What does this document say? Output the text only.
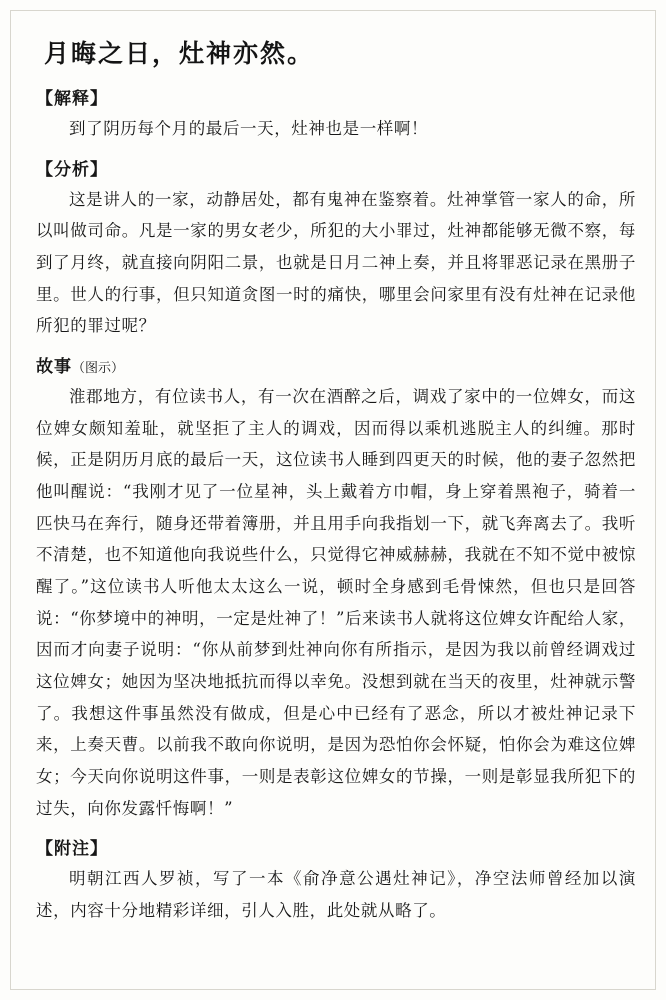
月晦之日，灶神亦然。
【解释】

到了阴历每个月的最后一天，灶神也是一样啊！

【分析】

这是讲人的一家，动静居处，都有鬼神在鉴察着。灶神掌管一家人的命，所以叫做司命。凡是一家的男女老少，所犯的大小罪过，灶神都能够无微不察，每到了月终，就直接向阴阳二景，也就是日月二神上奏，并且将罪恶记录在黑册子里。世人的行事，但只知道贪图一时的痛快，哪里会问家里有没有灶神在记录他所犯的罪过呢？

故事（图示）

淮郡地方，有位读书人，有一次在酒醉之后，调戏了家中的一位婢女，而这位婢女颇知羞耻，就坚拒了主人的调戏，因而得以乘机逃脱主人的纠缠。那时候，正是阴历月底的最后一天，这位读书人睡到四更天的时候，他的妻子忽然把他叫醒说：“我刚才见了一位星神，头上戴着方巾帽，身上穿着黑袍子，骑着一匹快马在奔行，随身还带着簿册，并且用手向我指划一下，就飞奔离去了。我听不清楚，也不知道他向我说些什么，只觉得它神威赫赫，我就在不知不觉中被惊醒了。”这位读书人听他太太这么一说，顿时全身感到毛骨悚然，但也只是回答说：“你梦境中的神明，一定是灶神了！”后来读书人就将这位婢女许配给人家，因而才向妻子说明：“你从前梦到灶神向你有所指示，是因为我以前曾经调戏过这位婢女；她因为坚决地抵抗而得以幸免。没想到就在当天的夜里，灶神就示警了。我想这件事虽然没有做成，但是心中已经有了恶念，所以才被灶神记录下来，上奏天曹。以前我不敢向你说明，是因为恐怕你会怀疑，怕你会为难这位婢女；今天向你说明这件事，一则是表彰这位婢女的节操，一则是彰显我所犯下的过失，向你发露忏悔啊！”

【附注】

明朝江西人罗祯，写了一本《俞净意公遇灶神记》，净空法师曾经加以演述，内容十分地精彩详细，引人入胜，此处就从略了。
